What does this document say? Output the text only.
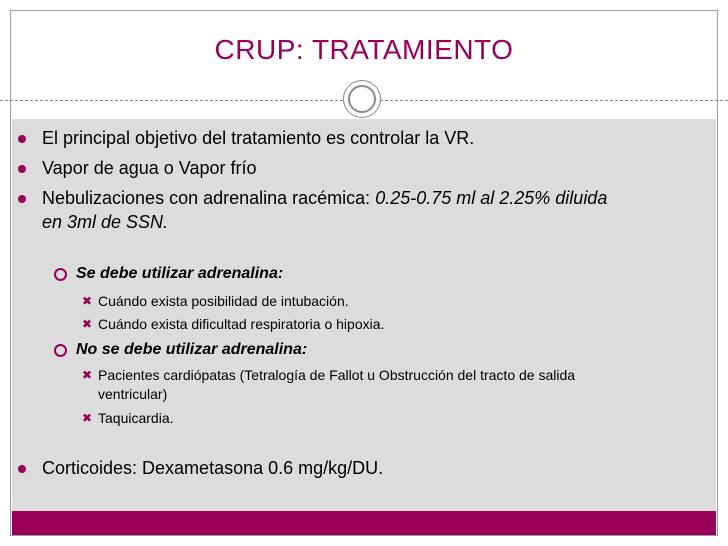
CRUP: TRATAMIENTO
El principal objetivo del tratamiento es controlar la VR.
Vapor de agua o Vapor frío
Nebulizaciones con adrenalina racémica: 0.25-0.75 ml al 2.25% diluida
en 3ml de SSN.
Se debe utilizar adrenalina:
✖ Cuándo exista posibilidad de intubación.
✖ Cuándo exista dificultad respiratoria o hipoxia.
No se debe utilizar adrenalina:
✖ Pacientes cardiópatas (Tetralogía de Fallot u Obstrucción del tracto de salida
ventricular)
✖ Taquicardia.
Corticoides: Dexametasona 0.6 mg/kg/DU.
